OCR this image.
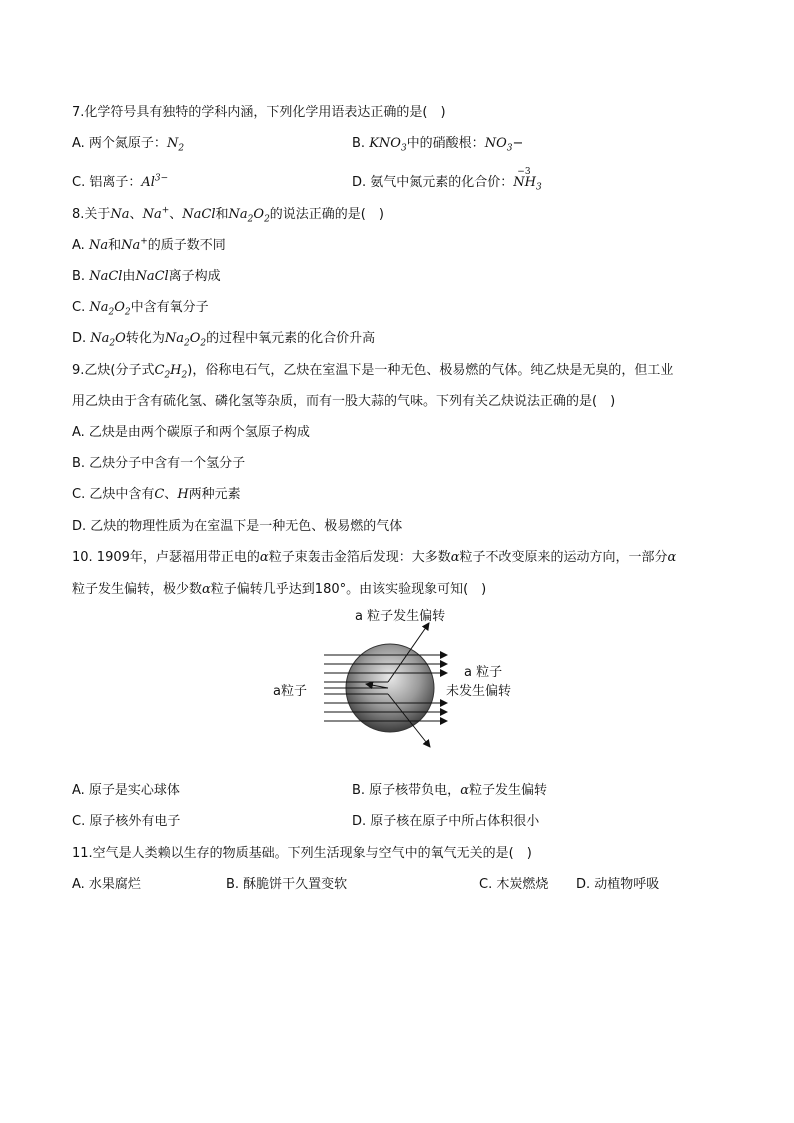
7.化学符号具有独特的学科内涵，下列化学用语表达正确的是(　)
A. 两个氮原子：$N_2$	B. $KNO_3$中的硝酸根：$NO_3-$
C. 铝离子：$Al^{3-}$	D. 氨气中氮元素的化合价：
−3
$NH_3$
8.关于Na、Na+、NaCl和$Na_2O_2$的说法正确的是(　)
A. Na和Na+的质子数不同
B. NaCl由NaCl离子构成
C. $Na_2O_2$中含有氧分子
D. $Na_2O$转化为$Na_2O_2$的过程中氧元素的化合价升高
9.乙炔(分子式$C_2H_2$)，俗称电石气，乙炔在室温下是一种无色、极易燃的气体。纯乙炔是无臭的，但工业
用乙炔由于含有硫化氢、磷化氢等杂质，而有一股大蒜的气味。下列有关乙炔说法正确的是(　)
A. 乙炔是由两个碳原子和两个氢原子构成
B. 乙炔分子中含有一个氢分子
C. 乙炔中含有C、H两种元素
D. 乙炔的物理性质为在室温下是一种无色、极易燃的气体
10. 1909年，卢瑟福用带正电的α粒子束轰击金箔后发现：大多数α粒子不改变原来的运动方向，一部分α
粒子发生偏转，极少数α粒子偏转几乎达到180°。由该实验现象可知(　)
a 粒子发生偏转
a 粒子
未发生偏转
a粒子
A. 原子是实心球体	B. 原子核带负电，α粒子发生偏转
C. 原子核外有电子	D. 原子核在原子中所占体积很小
11.空气是人类赖以生存的物质基础。下列生活现象与空气中的氧气无关的是(　)
A. 水果腐烂	B. 酥脆饼干久置变软	C. 木炭燃烧 D. 动植物呼吸
